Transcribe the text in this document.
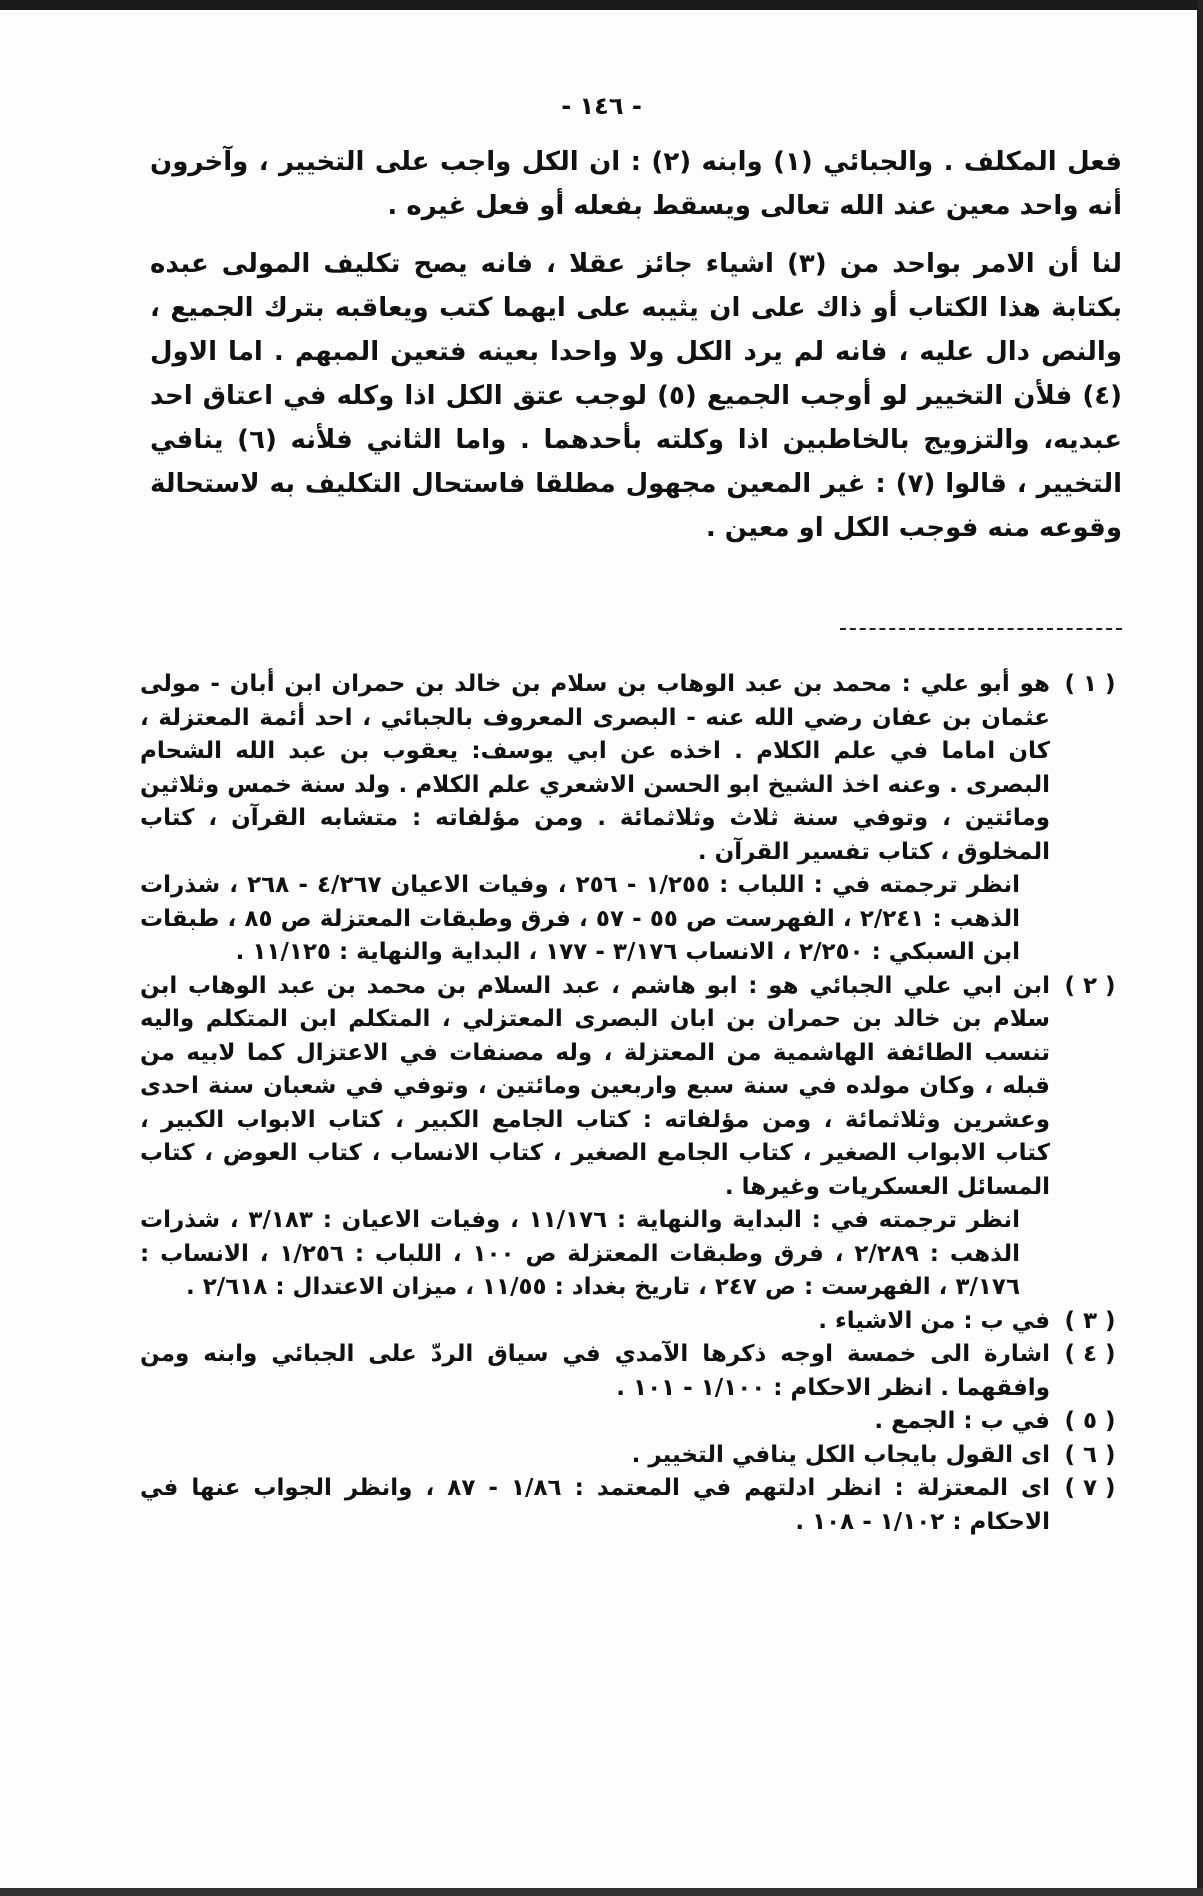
- ١٤٦ -

فعل المكلف . والجبائي (١) وابنه (٢) : ان الكل واجب على التخيير ، وآخرون أنه واحد معين عند الله تعالى ويسقط بفعله أو فعل غيره .

لنا أن الامر بواحد من (٣) اشياء جائز عقلا ، فانه يصح تكليف المولى عبده بكتابة هذا الكتاب أو ذاك على ان يثيبه على ايهما كتب ويعاقبه بترك الجميع ، والنص دال عليه ، فانه لم يرد الكل ولا واحدا بعينه فتعين المبهم . اما الاول (٤) فلأن التخيير لو أوجب الجميع (٥) لوجب عتق الكل اذا وكله في اعتاق احد عبديه، والتزويج بالخاطبين اذا وكلته بأحدهما . واما الثاني فلأنه (٦) ينافي التخيير ، قالوا (٧) : غير المعين مجهول مطلقا فاستحال التكليف به لاستحالة وقوعه منه فوجب الكل او معين .

( ١ )
هو أبو علي : محمد بن عبد الوهاب بن سلام بن خالد بن حمران ابن أبان - مولى عثمان بن عفان رضي الله عنه - البصرى المعروف بالجبائي ، احد أئمة المعتزلة ، كان اماما في علم الكلام . اخذه عن ابي يوسف: يعقوب بن عبد الله الشحام البصرى . وعنه اخذ الشيخ ابو الحسن الاشعري علم الكلام . ولد سنة خمس وثلاثين ومائتين ، وتوفي سنة ثلاث وثلاثمائة . ومن مؤلفاته : متشابه القرآن ، كتاب المخلوق ، كتاب تفسير القرآن .
انظر ترجمته في : اللباب : ١/٢٥٥ - ٢٥٦ ، وفيات الاعيان ٤/٢٦٧ - ٢٦٨ ، شذرات الذهب : ٢/٢٤١ ، الفهرست ص ٥٥ - ٥٧ ، فرق وطبقات المعتزلة ص ٨٥ ، طبقات ابن السبكي : ٢/٢٥٠ ، الانساب ٣/١٧٦ - ١٧٧ ، البداية والنهاية : ١١/١٢٥ .
( ٢ )
ابن ابي علي الجبائي هو : ابو هاشم ، عبد السلام بن محمد بن عبد الوهاب ابن سلام بن خالد بن حمران بن ابان البصرى المعتزلي ، المتكلم ابن المتكلم واليه تنسب الطائفة الهاشمية من المعتزلة ، وله مصنفات في الاعتزال كما لابيه من قبله ، وكان مولده في سنة سبع واربعين ومائتين ، وتوفي في شعبان سنة احدى وعشرين وثلاثمائة ، ومن مؤلفاته : كتاب الجامع الكبير ، كتاب الابواب الكبير ، كتاب الابواب الصغير ، كتاب الجامع الصغير ، كتاب الانساب ، كتاب العوض ، كتاب المسائل العسكريات وغيرها .
انظر ترجمته في : البداية والنهاية : ١١/١٧٦ ، وفيات الاعيان : ٣/١٨٣ ، شذرات الذهب : ٢/٢٨٩ ، فرق وطبقات المعتزلة ص ١٠٠ ، اللباب : ١/٢٥٦ ، الانساب : ٣/١٧٦ ، الفهرست : ص ٢٤٧ ، تاريخ بغداد : ١١/٥٥ ، ميزان الاعتدال : ٢/٦١٨ .
( ٣ )
في ب : من الاشياء .
( ٤ )
اشارة الى خمسة اوجه ذكرها الآمدي في سياق الردّ على الجبائي وابنه ومن وافقهما . انظر الاحكام : ١/١٠٠ - ١٠١ .
( ٥ )
في ب : الجمع .
( ٦ )
اى القول بايجاب الكل ينافي التخيير .
( ٧ )
اى المعتزلة : انظر ادلتهم في المعتمد : ١/٨٦ - ٨٧ ، وانظر الجواب عنها في الاحكام : ١/١٠٢ - ١٠٨ .
